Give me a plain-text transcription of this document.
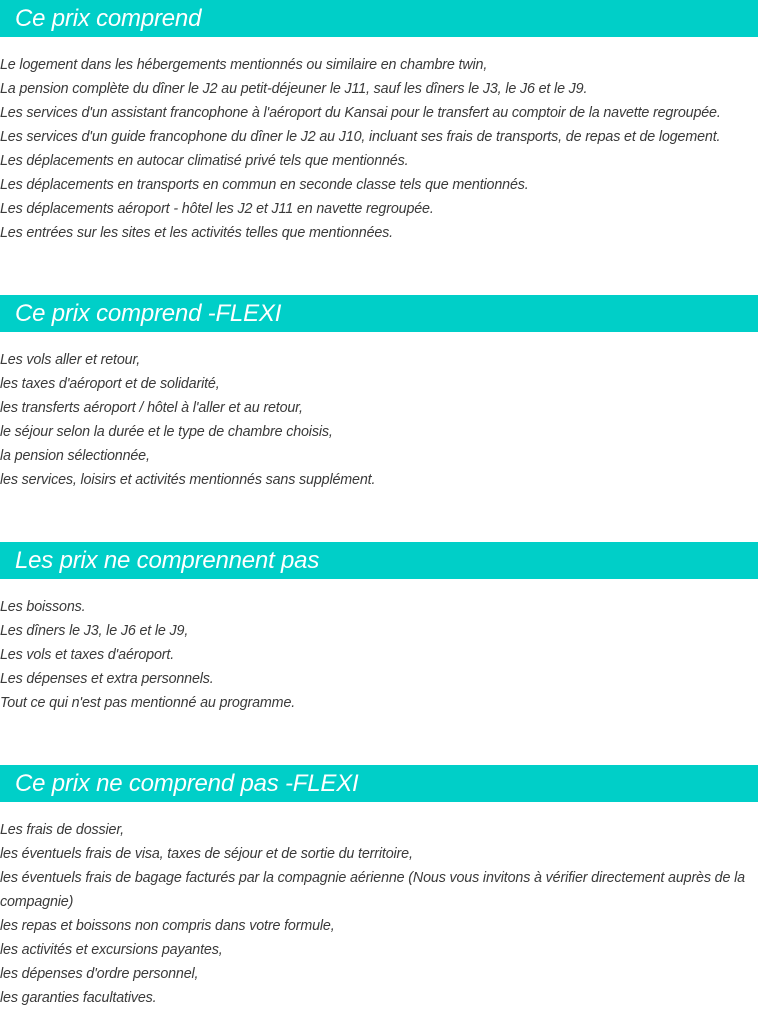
Ce prix comprend
Le logement dans les hébergements mentionnés ou similaire en chambre twin,
La pension complète du dîner le J2 au petit-déjeuner le J11, sauf les dîners le J3, le J6 et le J9.
Les services d'un assistant francophone à l'aéroport du Kansai pour le transfert au comptoir de la navette regroupée.
Les services d'un guide francophone du dîner le J2 au J10, incluant ses frais de transports, de repas et de logement.
Les déplacements en autocar climatisé privé tels que mentionnés.
Les déplacements en transports en commun en seconde classe tels que mentionnés.
Les déplacements aéroport - hôtel les J2 et J11 en navette regroupée.
Les entrées sur les sites et les activités telles que mentionnées.
Ce prix comprend -FLEXI
Les vols aller et retour,
les taxes d'aéroport et de solidarité,
les transferts aéroport / hôtel à l'aller et au retour,
le séjour selon la durée et le type de chambre choisis,
la pension sélectionnée,
les services, loisirs et activités mentionnés sans supplément.
Les prix ne comprennent pas
Les boissons.
Les dîners le J3, le J6 et le J9,
Les vols et taxes d'aéroport.
Les dépenses et extra personnels.
Tout ce qui n'est pas mentionné au programme.
Ce prix ne comprend pas -FLEXI
Les frais de dossier,
les éventuels frais de visa, taxes de séjour et de sortie du territoire,
les éventuels frais de bagage facturés par la compagnie aérienne (Nous vous invitons à vérifier directement auprès de la compagnie)
les repas et boissons non compris dans votre formule,
les activités et excursions payantes,
les dépenses d'ordre personnel,
les garanties facultatives.
